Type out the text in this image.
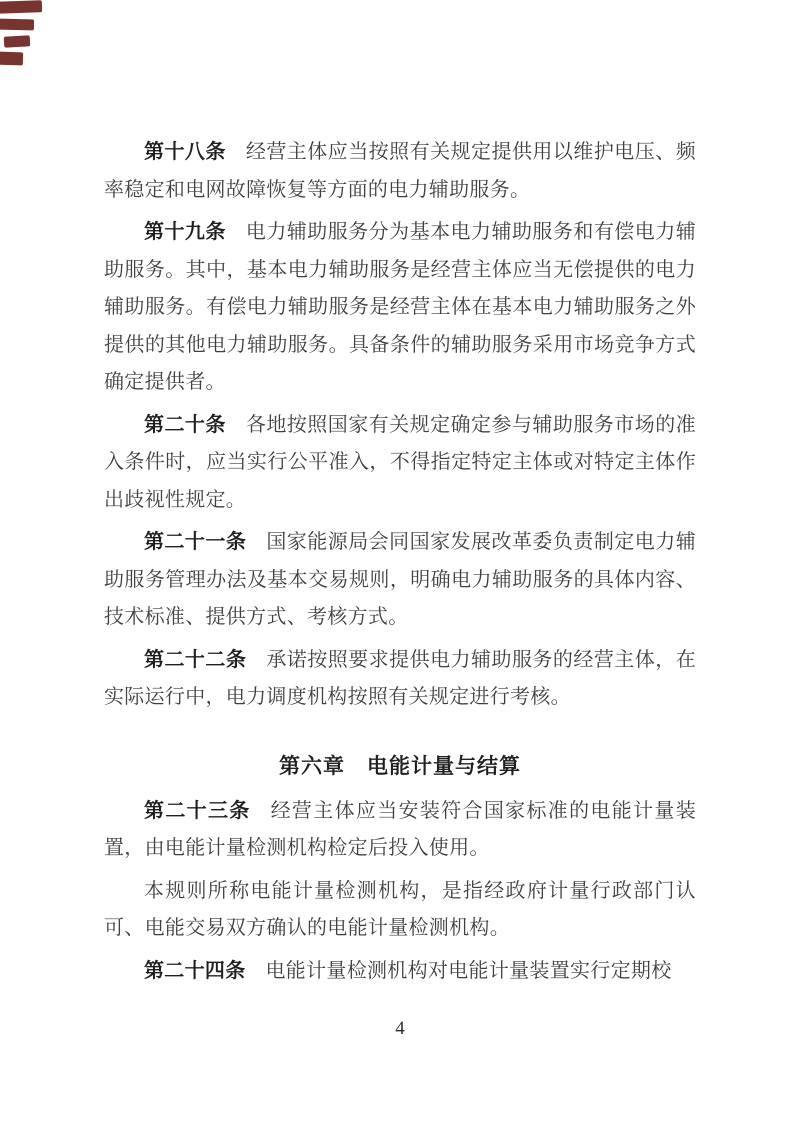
第十八条 经营主体应当按照有关规定提供用以维护电压、频率稳定和电网故障恢复等方面的电力辅助服务。

第十九条 电力辅助服务分为基本电力辅助服务和有偿电力辅助服务。其中，基本电力辅助服务是经营主体应当无偿提供的电力辅助服务。有偿电力辅助服务是经营主体在基本电力辅助服务之外提供的其他电力辅助服务。具备条件的辅助服务采用市场竞争方式确定提供者。

第二十条 各地按照国家有关规定确定参与辅助服务市场的准入条件时，应当实行公平准入，不得指定特定主体或对特定主体作出歧视性规定。

第二十一条 国家能源局会同国家发展改革委负责制定电力辅助服务管理办法及基本交易规则，明确电力辅助服务的具体内容、技术标准、提供方式、考核方式。

第二十二条 承诺按照要求提供电力辅助服务的经营主体，在实际运行中，电力调度机构按照有关规定进行考核。

第六章　电能计量与结算

第二十三条 经营主体应当安装符合国家标准的电能计量装置，由电能计量检测机构检定后投入使用。

本规则所称电能计量检测机构，是指经政府计量行政部门认可、电能交易双方确认的电能计量检测机构。

第二十四条 电能计量检测机构对电能计量装置实行定期校

4
